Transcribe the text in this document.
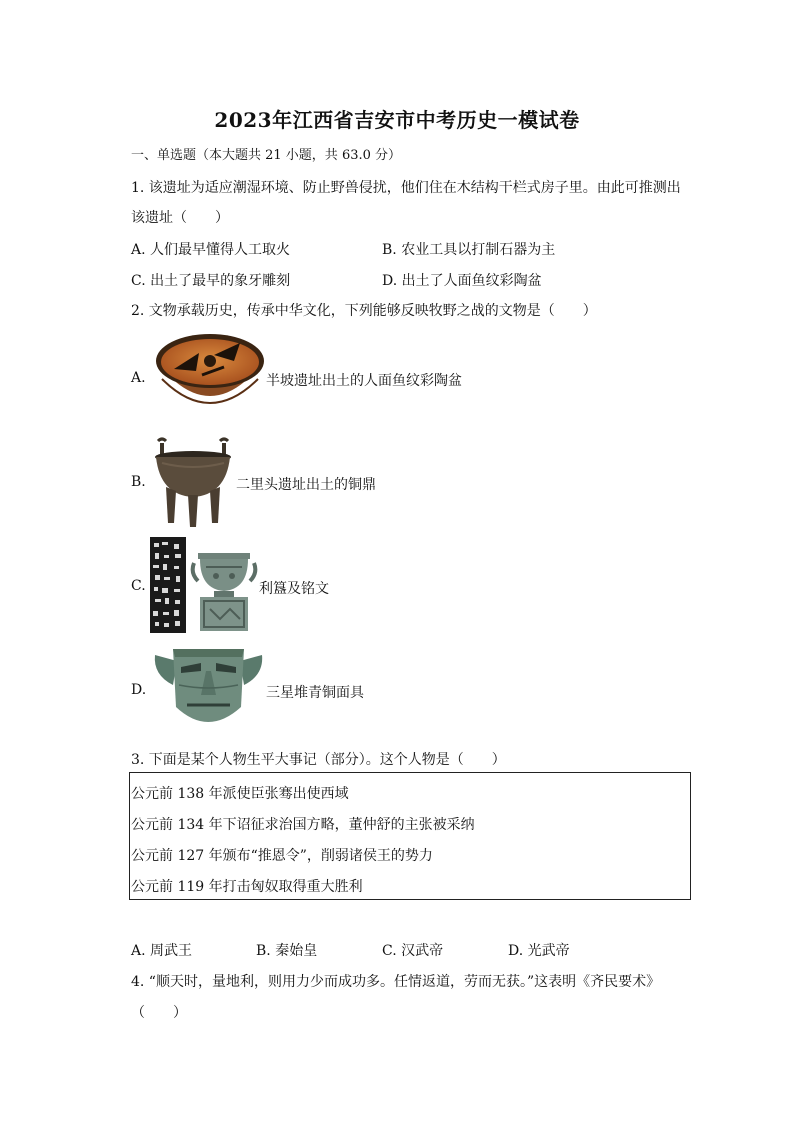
2023年江西省吉安市中考历史一模试卷
一、单选题（本大题共 21 小题，共 63.0 分）
1. 该遗址为适应潮湿环境、防止野兽侵扰，他们住在木结构干栏式房子里。由此可推测出
该遗址（　　）
A. 人们最早懂得人工取火	B. 农业工具以打制石器为主
C. 出土了最早的象牙雕刻	D. 出土了人面鱼纹彩陶盆
2. 文物承载历史，传承中华文化，下列能够反映牧野之战的文物是（　　）
A.	半坡遗址出土的人面鱼纹彩陶盆
B.	二里头遗址出土的铜鼎
C.	利簋及铭文
D.	三星堆青铜面具
3. 下面是某个人物生平大事记（部分）。这个人物是（　　）
公元前 138 年派使臣张骞出使西域
公元前 134 年下诏征求治国方略，董仲舒的主张被采纳
公元前 127 年颁布“推恩令”，削弱诸侯王的势力
公元前 119 年打击匈奴取得重大胜利
A. 周武王	B. 秦始皇	C. 汉武帝	D. 光武帝
4. “顺天时，量地利，则用力少而成功多。任情返道，劳而无获。”这表明《齐民要术》
（　　）
